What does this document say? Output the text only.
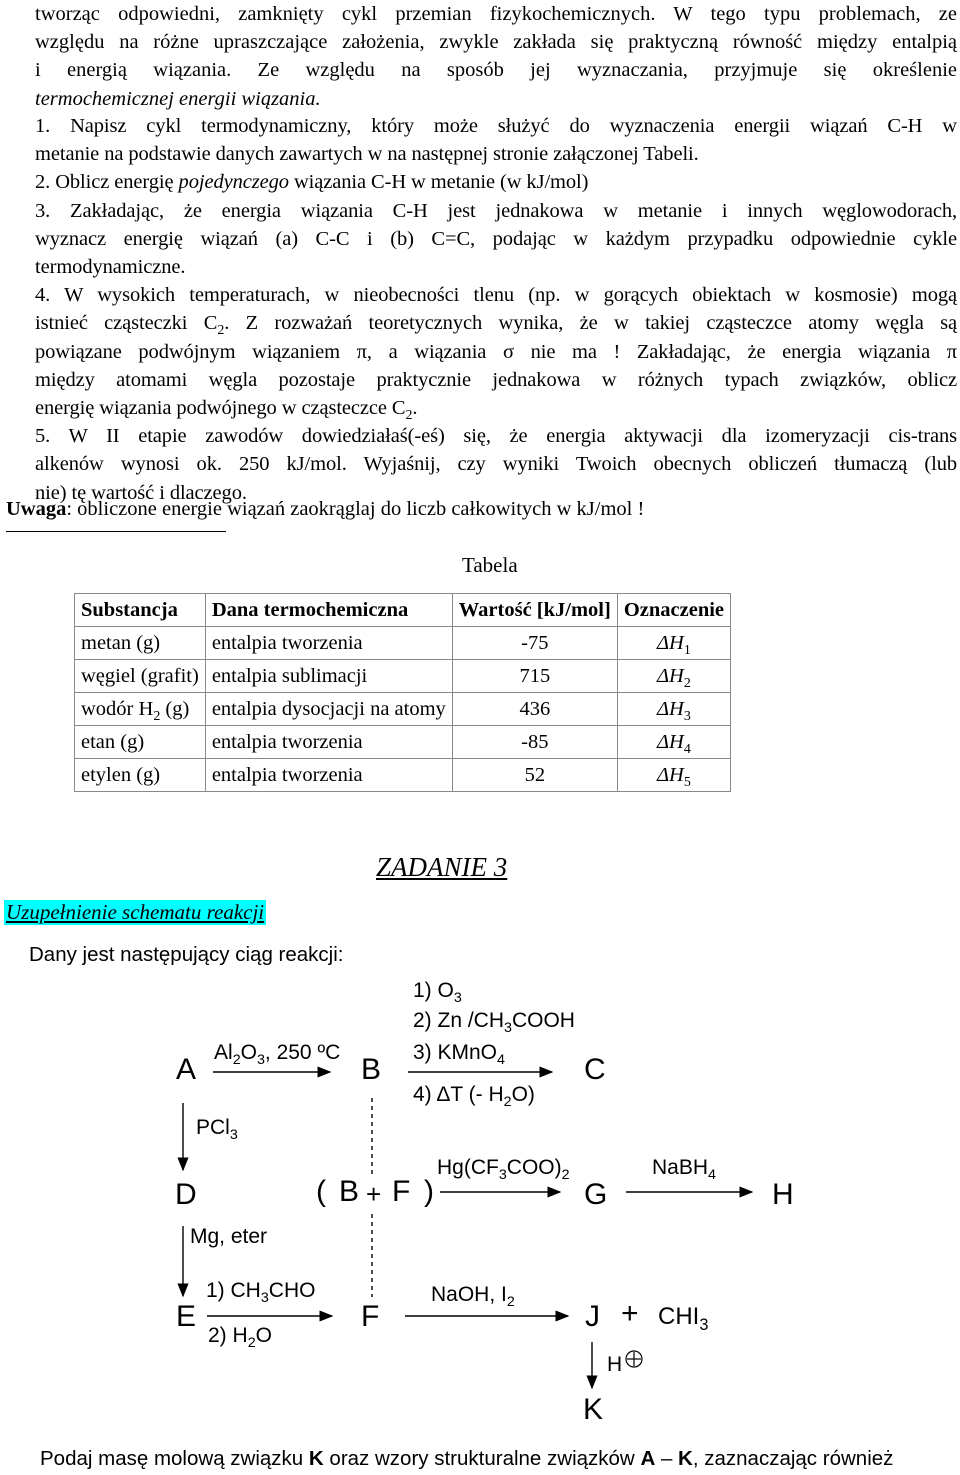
tworząc odpowiedni, zamknięty cykl przemian fizykochemicznych. W tego typu problemach, ze

względu na różne upraszczające założenia, zwykle zakłada się praktyczną równość między entalpią

i energią wiązania. Ze względu na sposób jej wyznaczania, przyjmuje się określenie

termochemicznej energii wiązania.

1. Napisz cykl termodynamiczny, który może służyć do wyznaczenia energii wiązań C-H w

metanie na podstawie danych zawartych w na następnej stronie załączonej Tabeli.

2. Oblicz energię pojedynczego wiązania C-H w metanie (w kJ/mol)

3. Zakładając, że energia wiązania C-H jest jednakowa w metanie i innych węglowodorach,

wyznacz energię wiązań (a) C-C i (b) C=C, podając w każdym przypadku odpowiednie cykle

termodynamiczne.

4. W wysokich temperaturach, w nieobecności tlenu (np. w gorących obiektach w kosmosie) mogą

istnieć cząsteczki $C_2$. Z rozważań teoretycznych wynika, że w takiej cząsteczce atomy węgla są

powiązane podwójnym wiązaniem π, a wiązania σ nie ma ! Zakładając, że energia wiązania π

między atomami węgla pozostaje praktycznie jednakowa w różnych typach związków, oblicz

energię wiązania podwójnego w cząsteczce $C_2$.

5. W II etapie zawodów dowiedziałaś(-eś) się, że energia aktywacji dla izomeryzacji cis-trans

alkenów wynosi ok. 250 kJ/mol. Wyjaśnij, czy wyniki Twoich obecnych obliczeń tłumaczą (lub

nie) tę wartość i dlaczego.

Uwaga: obliczone energie wiązań zaokrąglaj do liczb całkowitych w kJ/mol !
Tabela
Substancja	Dana termochemiczna	Wartość [kJ/mol]	Oznaczenie
metan (g)	entalpia tworzenia	-75	$\Delta H_1$
węgiel (grafit)	entalpia sublimacji	715	$\Delta H_2$
wodór $H_2$ (g)	entalpia dysocjacji na atomy	436	$\Delta H_3$
etan (g)	entalpia tworzenia	-85	$\Delta H_4$
etylen (g)	entalpia tworzenia	52	$\Delta H_5$
ZADANIE 3
Uzupełnienie schematu reakcji
Dany jest następujący ciąg reakcji:
A	B	C
D
E	F
G	H
J
K
( B + F )
$Al_2O_3$, 250 ºC
1) $O_3$
2) Zn $/CH_3COOH$
3) KMnO$_4$
4) ΔT (- $H_2O$)
PCl$_3$
Mg, eter
$Hg(CF_3COO)_2$	NaBH$_4$
1) $CH_3CHO$
2) $H_2O$
NaOH, $I_2$	+ $CHI_3$
H
Podaj masę molową związku K oraz wzory strukturalne związków A – K, zaznaczając również
